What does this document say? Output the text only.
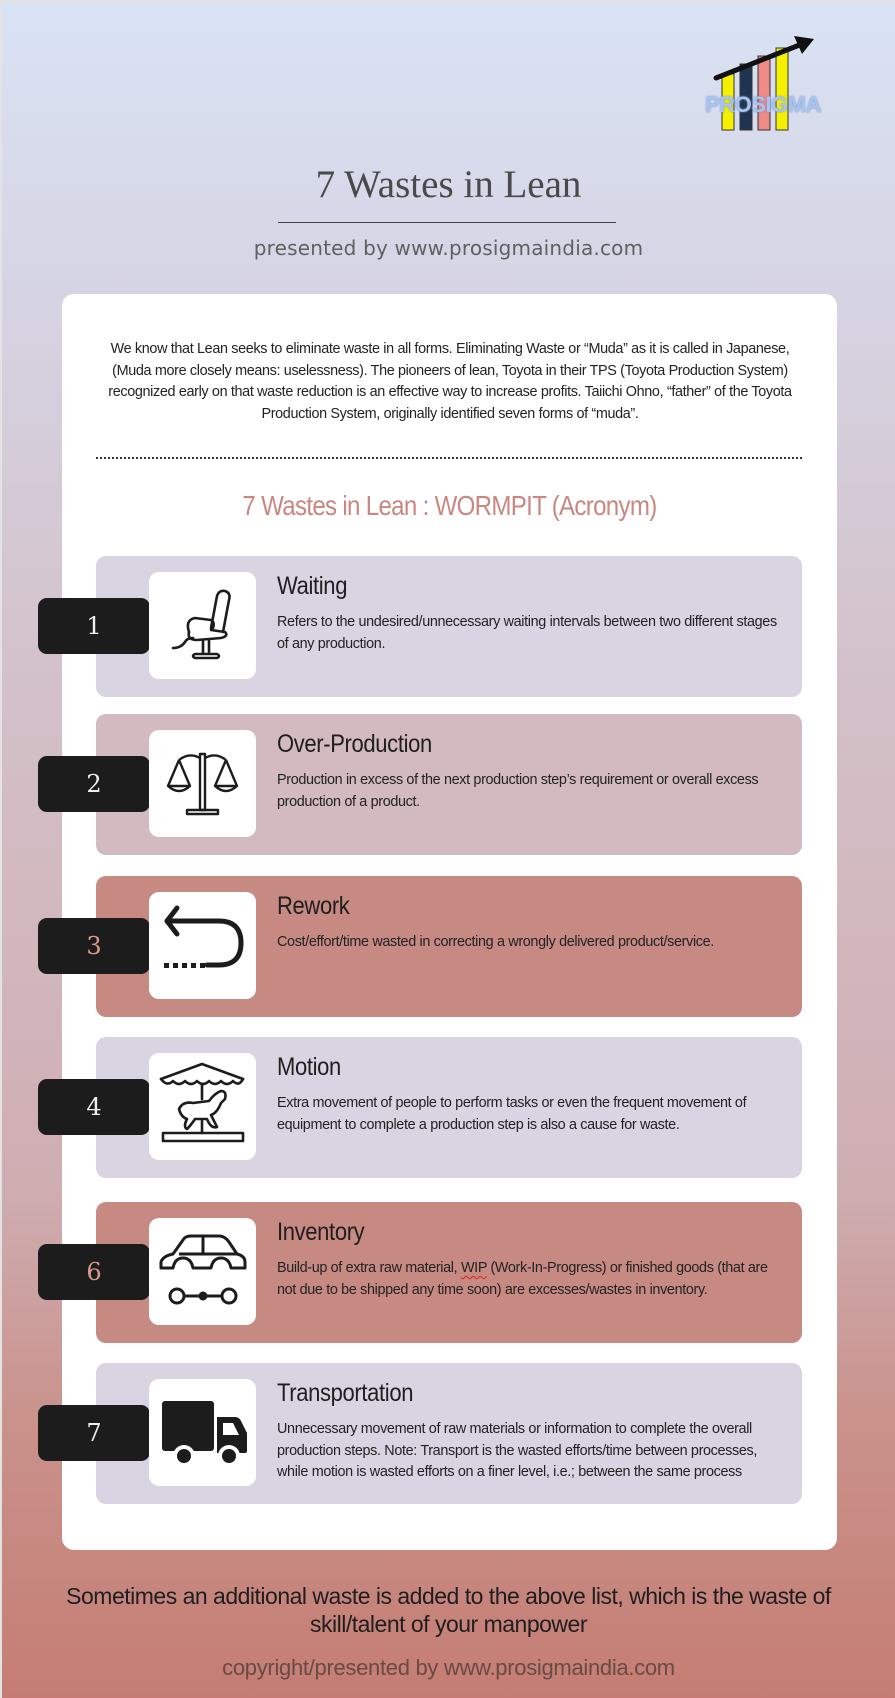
PROSIGMA
7 Wastes in Lean
presented by www.prosigmaindia.com
We know that Lean seeks to eliminate waste in all forms. Eliminating Waste or “Muda” as it is called in Japanese, (Muda more closely means: uselessness). The pioneers of lean, Toyota in their TPS (Toyota Production System) recognized early on that waste reduction is an effective way to increase profits. Taiichi Ohno, “father” of the Toyota Production System, originally identified seven forms of “muda”.
7 Wastes in Lean : WORMPIT (Acronym)
1
Waiting
Refers to the undesired/unnecessary waiting intervals between two different stages of any production.
2
Over-Production
Production in excess of the next production step’s requirement or overall excess production of a product.
3
Rework
Cost/effort/time wasted in correcting a wrongly delivered product/service.
4
Motion
Extra movement of people to perform tasks or even the frequent movement of equipment to complete a production step is also a cause for waste.
6
Inventory
Build-up of extra raw material, WIP (Work-In-Progress) or finished goods (that are not due to be shipped any time soon) are excesses/wastes in inventory.
7
Transportation
Unnecessary movement of raw materials or information to complete the overall production steps. Note: Transport is the wasted efforts/time between processes, while motion is wasted efforts on a finer level, i.e.; between the same process
Sometimes an additional waste is added to the above list, which is the waste of skill/talent of your manpower
copyright/presented by www.prosigmaindia.com
